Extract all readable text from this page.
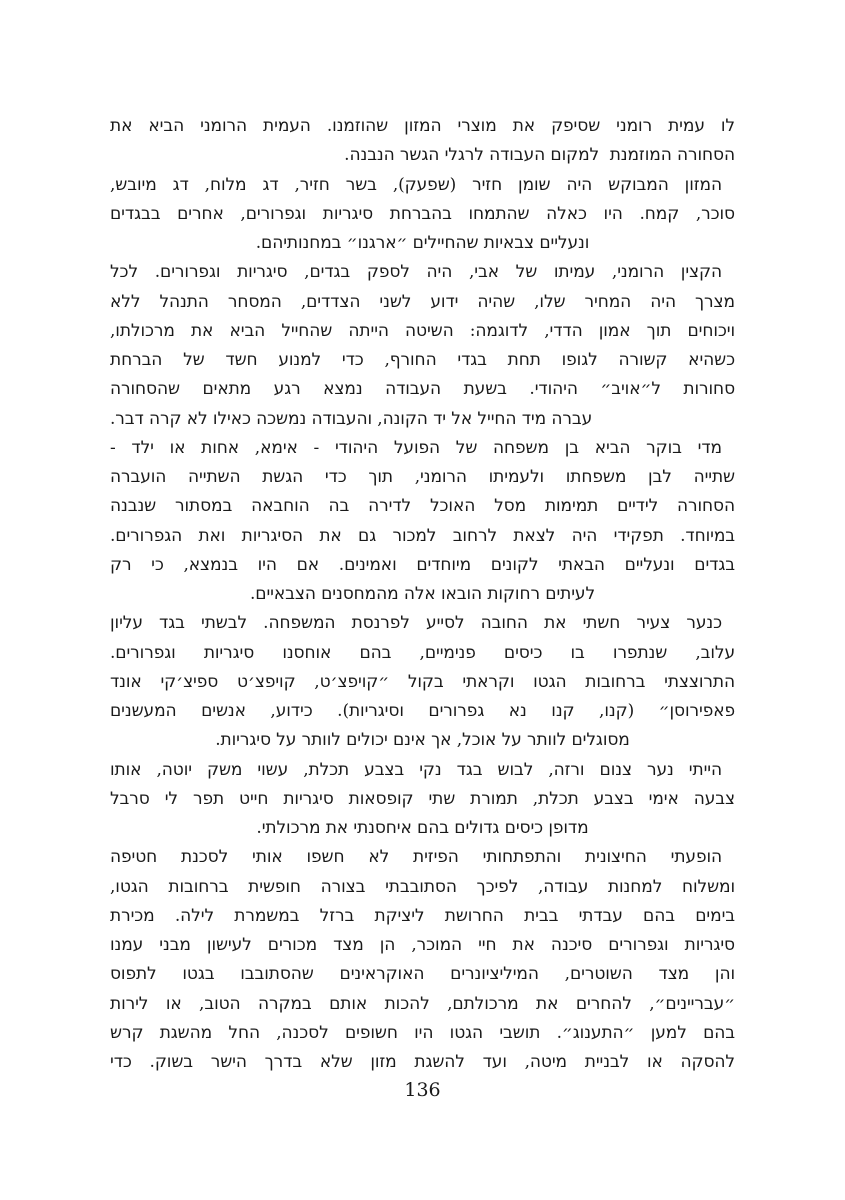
לו עמית רומני שסיפק את מוצרי המזון שהוזמנו. העמית הרומני הביא את
הסחורה המוזמנת  למקום העבודה לרגלי הגשר הנבנה.
המזון המבוקש היה שומן חזיר (שפעק), בשר חזיר, דג מלוח, דג מיובש,
סוכר, קמח. היו כאלה שהתמחו בהברחת סיגריות וגפרורים, אחרים בבגדים
ונעליים צבאיות שהחיילים ״ארגנו״ במחנותיהם.
הקצין הרומני, עמיתו של אבי, היה לספק בגדים, סיגריות וגפרורים. לכל
מצרך היה המחיר שלו, שהיה ידוע לשני הצדדים, המסחר התנהל ללא
ויכוחים תוך אמון הדדי, לדוגמה: השיטה הייתה שהחייל הביא את מרכולתו,
כשהיא קשורה לגופו תחת בגדי החורף, כדי למנוע חשד של הברחת
סחורות ל״אויב״ היהודי. בשעת העבודה נמצא רגע מתאים שהסחורה
עברה מיד החייל אל יד הקונה, והעבודה נמשכה כאילו לא קרה דבר.
מדי בוקר הביא בן משפחה של הפועל היהודי - אימא, אחות או ילד -
שתייה לבן משפחתו ולעמיתו הרומני, תוך כדי הגשת השתייה הועברה
הסחורה לידיים תמימות מסל האוכל לדירה בה הוחבאה במסתור שנבנה
במיוחד. תפקידי היה לצאת לרחוב למכור גם את הסיגריות ואת הגפרורים.
בגדים ונעליים הבאתי לקונים מיוחדים ואמינים. אם היו בנמצא, כי רק
לעיתים רחוקות הובאו אלה מהמחסנים הצבאיים.
כנער צעיר חשתי את החובה לסייע לפרנסת המשפחה. לבשתי בגד עליון
עלוב, שנתפרו בו כיסים פנימיים, בהם אוחסנו סיגריות וגפרורים.
התרוצצתי ברחובות הגטו וקראתי בקול ״קויפצ׳ט, קויפצ׳ט ספיצ׳קי אונד
פאפירוסן״ (קנו, קנו נא גפרורים וסיגריות). כידוע, אנשים המעשנים
מסוגלים לוותר על אוכל, אך אינם יכולים לוותר על סיגריות.
הייתי נער צנום ורזה, לבוש בגד נקי בצבע תכלת, עשוי משק יוטה, אותו
צבעה אימי בצבע תכלת, תמורת שתי קופסאות סיגריות חייט תפר לי סרבל
מדופן כיסים גדולים בהם איחסנתי את מרכולתי.
הופעתי החיצונית והתפתחותי הפיזית לא חשפו אותי לסכנת חטיפה
ומשלוח למחנות עבודה, לפיכך הסתובבתי בצורה חופשית ברחובות הגטו,
בימים בהם עבדתי בבית החרושת ליציקת ברזל במשמרת לילה. מכירת
סיגריות וגפרורים סיכנה את חיי המוכר, הן מצד מכורים לעישון מבני עמנו
והן מצד השוטרים, המיליציונרים האוקראינים שהסתובבו בגטו לתפוס
״עבריינים״, להחרים את מרכולתם, להכות אותם במקרה הטוב, או לירות
בהם למען ״התענוג״. תושבי הגטו היו חשופים לסכנה, החל מהשגת קרש
להסקה או לבניית מיטה, ועד להשגת מזון שלא בדרך הישר בשוק. כדי
136
